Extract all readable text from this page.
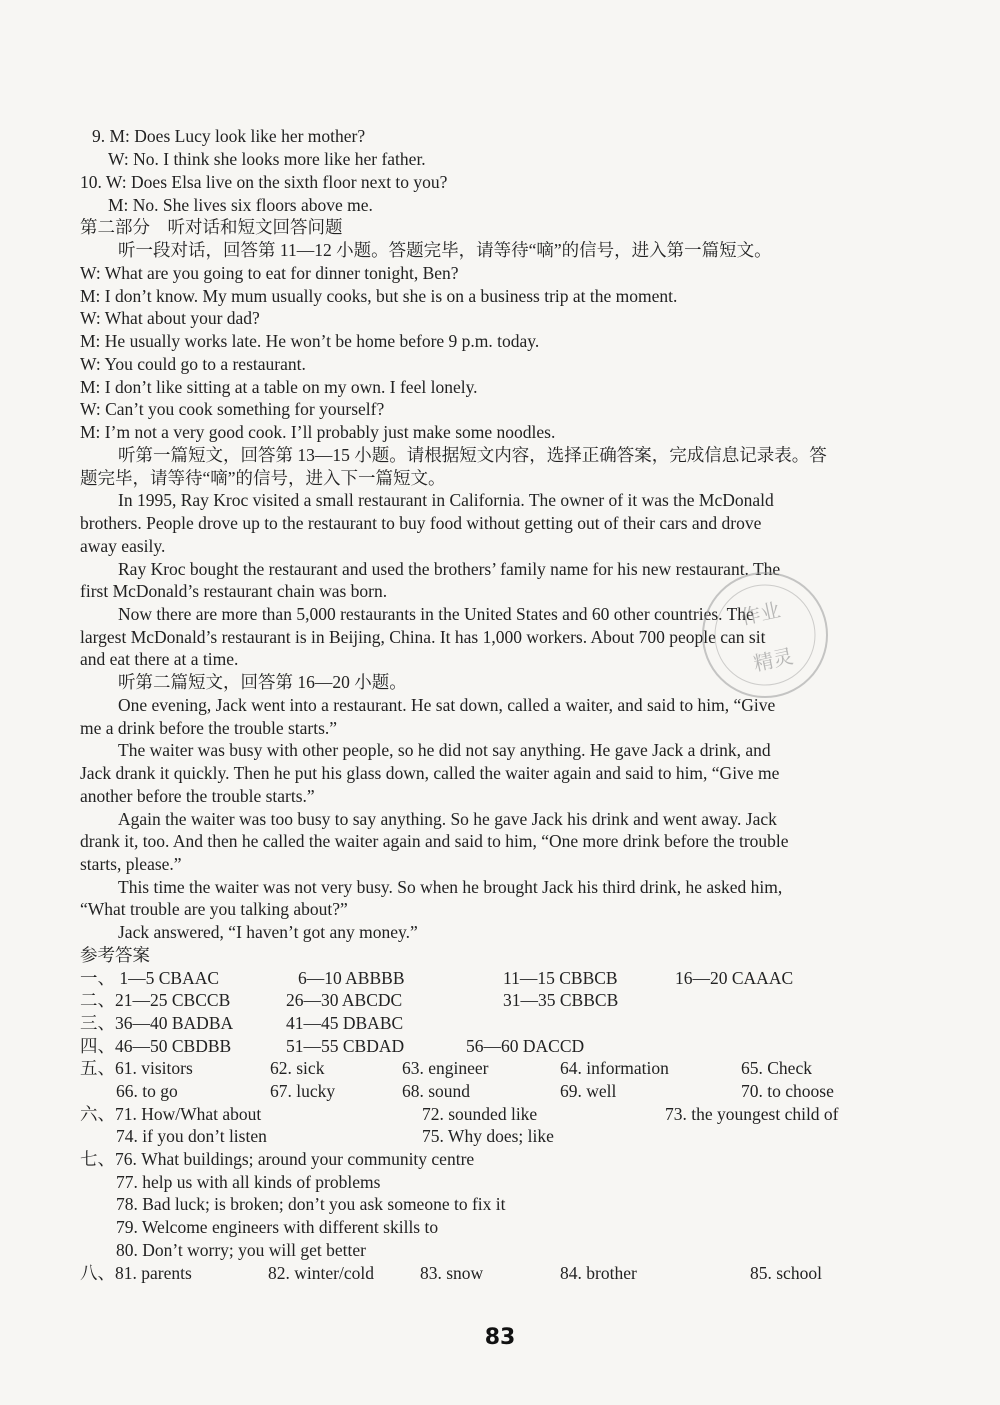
9. M: Does Lucy look like her mother?
W: No. I think she looks more like her father.
10. W: Does Elsa live on the sixth floor next to you?
M: No. She lives six floors above me.
第二部分　听对话和短文回答问题
听一段对话，回答第 11—12 小题。答题完毕，请等待“嘀”的信号，进入第一篇短文。
W: What are you going to eat for dinner tonight, Ben?
M: I don’t know. My mum usually cooks, but she is on a business trip at the moment.
W: What about your dad?
M: He usually works late. He won’t be home before 9 p.m. today.
W: You could go to a restaurant.
M: I don’t like sitting at a table on my own. I feel lonely.
W: Can’t you cook something for yourself?
M: I’m not a very good cook. I’ll probably just make some noodles.
听第一篇短文，回答第 13—15 小题。请根据短文内容，选择正确答案，完成信息记录表。答
题完毕，请等待“嘀”的信号，进入下一篇短文。
In 1995, Ray Kroc visited a small restaurant in California. The owner of it was the McDonald
brothers. People drove up to the restaurant to buy food without getting out of their cars and drove
away easily.
Ray Kroc bought the restaurant and used the brothers’ family name for his new restaurant. The
first McDonald’s restaurant chain was born.
Now there are more than 5,000 restaurants in the United States and 60 other countries. The
largest McDonald’s restaurant is in Beijing, China. It has 1,000 workers. About 700 people can sit
and eat there at a time.
听第二篇短文，回答第 16—20 小题。
One evening, Jack went into a restaurant. He sat down, called a waiter, and said to him, “Give
me a drink before the trouble starts.”
The waiter was busy with other people, so he did not say anything. He gave Jack a drink, and
Jack drank it quickly. Then he put his glass down, called the waiter again and said to him, “Give me
another before the trouble starts.”
Again the waiter was too busy to say anything. So he gave Jack his drink and went away. Jack
drank it, too. And then he called the waiter again and said to him, “One more drink before the trouble
starts, please.”
This time the waiter was not very busy. So when he brought Jack his third drink, he asked him,
“What trouble are you talking about?”
Jack answered, “I haven’t got any money.”
参考答案
一、 1—5 CBAAC	6—10 ABBBB	11—15 CBBCB	16—20 CAAAC
二、21—25 CBCCB	26—30 ABCDC	31—35 CBBCB
三、36—40 BADBA	41—45 DBABC
四、46—50 CBDBB	51—55 CBDAD	56—60 DACCD
五、61. visitors	62. sick	63. engineer	64. information	65. Check
66. to go	67. lucky	68. sound	69. well	70. to choose
六、71. How/What about	72. sounded like	73. the youngest child of
74. if you don’t listen	75. Why does; like
七、76. What buildings; around your community centre
77. help us with all kinds of problems
78. Bad luck; is broken; don’t you ask someone to fix it
79. Welcome engineers with different skills to
80. Don’t worry; you will get better
八、81. parents	82. winter/cold	83. snow	84. brother	85. school
作业
精灵
83
